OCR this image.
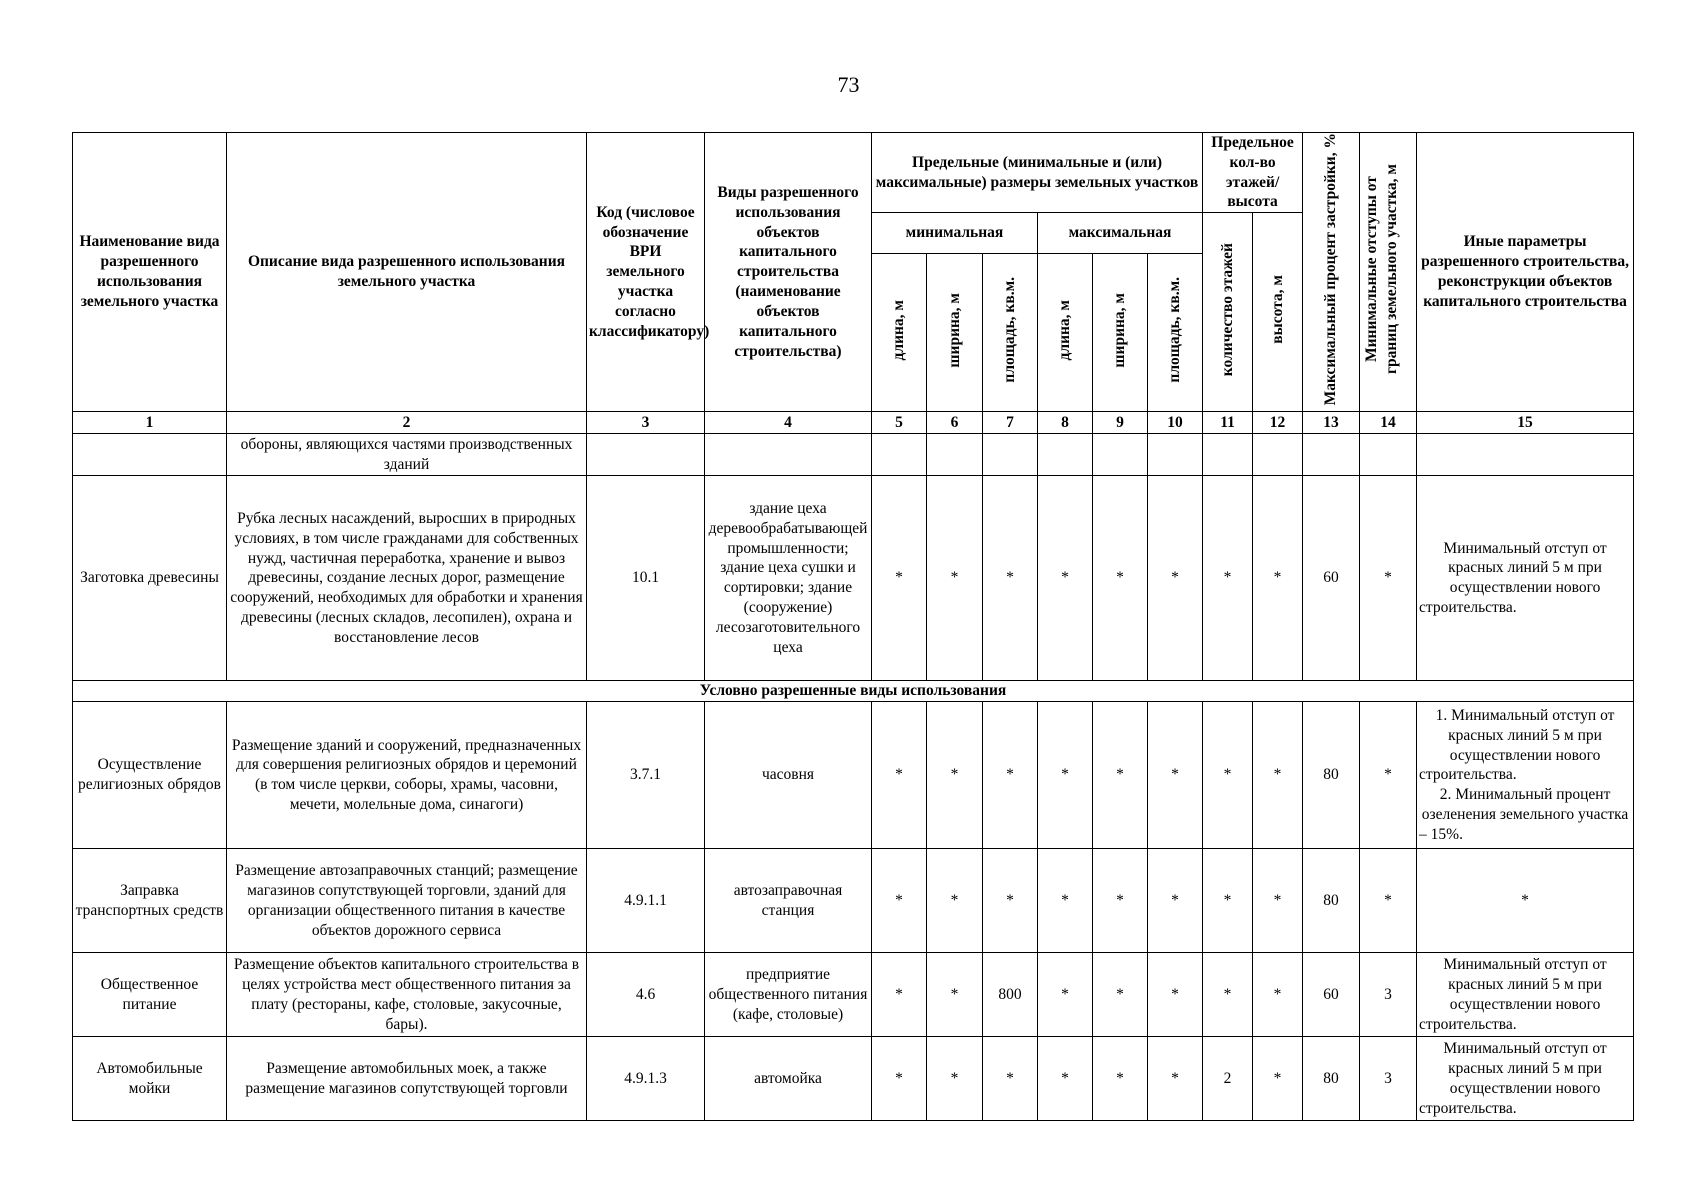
73
Наименование вида разрешенного использования земельного участка	Описание вида разрешенного использования земельного участка	Код (числовое обозначение ВРИ земельного участка согласно классификатору)	Виды разрешенного использования объектов капитального строительства (наименование объектов капитального строительства)	Предельные (минимальные и (или) максимальные) размеры земельных участков						Предельное кол-во этажей/ высота		Максимальный процент застройки, %	Минимальные отступы от границ земельного участка, м	Иные параметры разрешенного строительства, реконструкции объектов капитального строительства
				минимальная			максимальная			количество этажей	высота, м			
				длина, м	ширина, м	площадь, кв.м.	длина, м	ширина, м	площадь, кв.м.					
1	2	3	4	5	6	7	8	9	10	11	12	13	14	15
	обороны, являющихся частями производственных зданий													
Заготовка древесины	Рубка лесных насаждений, выросших в природных условиях, в том числе гражданами для собственных нужд, частичная переработка, хранение и вывоз древесины, создание лесных дорог, размещение сооружений, необходимых для обработки и хранения древесины (лесных складов, лесопилен), охрана и восстановление лесов	10.1	здание цеха деревообрабатывающей промышленности; здание цеха сушки и сортировки; здание (сооружение) лесозаготовительного цеха	*	*	*	*	*	*	*	*	60	*	Минимальный отступ от красных линий 5 м при осуществлении нового строительства.
Условно разрешенные виды использования														
Осуществление религиозных обрядов	Размещение зданий и сооружений, предназначенных для совершения религиозных обрядов и церемоний (в том числе церкви, соборы, храмы, часовни, мечети, молельные дома, синагоги)	3.7.1	часовня	*	*	*	*	*	*	*	*	80	*	1. Минимальный отступ от красных линий 5 м при осуществлении нового строительства.
2. Минимальный процент озеленения земельного участка – 15%.
Заправка транспортных средств	Размещение автозаправочных станций; размещение магазинов сопутствующей торговли, зданий для организации общественного питания в качестве объектов дорожного сервиса	4.9.1.1	автозаправочная станция	*	*	*	*	*	*	*	*	80	*	*
Общественное питание	Размещение объектов капитального строительства в целях устройства мест общественного питания за плату (рестораны, кафе, столовые, закусочные, бары).	4.6	предприятие общественного питания (кафе, столовые)	*	*	800	*	*	*	*	*	60	3	Минимальный отступ от красных линий 5 м при осуществлении нового строительства.
Автомобильные мойки	Размещение автомобильных моек, а также размещение магазинов сопутствующей торговли	4.9.1.3	автомойка	*	*	*	*	*	*	2	*	80	3	Минимальный отступ от красных линий 5 м при осуществлении нового строительства.
